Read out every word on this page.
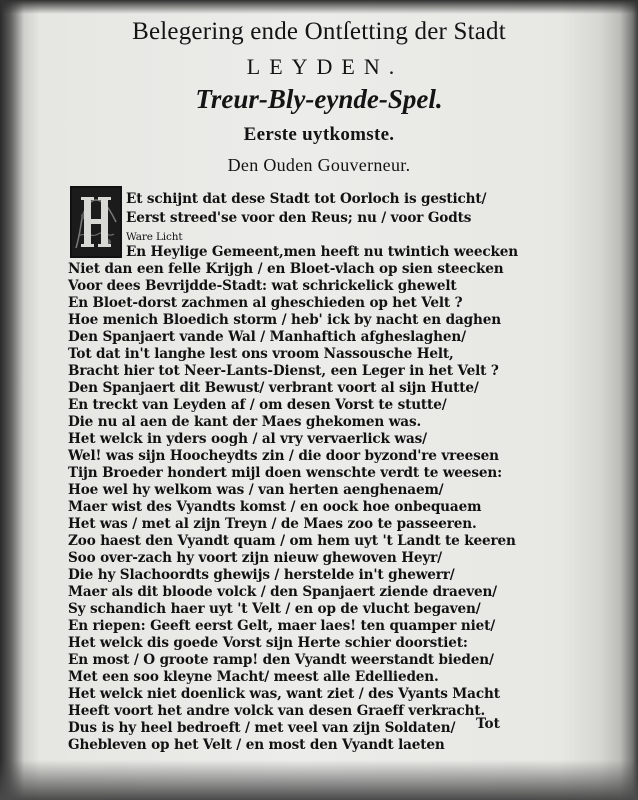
Belegering ende Ontſetting der Stadt
LEYDEN.
Treur-Bly-eynde-Spel.
Eerste uytkomste.
Den Ouden Gouverneur.
Et schijnt dat dese Stadt tot Oorloch is gesticht/
Eerst streed'se voor den Reus; nu / voor Godts
Ware Licht
En Heylige Gemeent,men heeft nu twintich weecken
Niet dan een felle Krijgh / en Bloet-vlach op sien steecken
Voor dees Bevrijdde-Stadt: wat schrickelick ghewelt
En Bloet-dorst zachmen al gheschieden op het Velt ?
Hoe menich Bloedich storm / heb' ick by nacht en daghen
Den Spanjaert vande Wal / Manhaftich afgheslaghen/
Tot dat in't langhe lest ons vroom Nassousche Helt,
Bracht hier tot Neer-Lants-Dienst, een Leger in het Velt ?
Den Spanjaert dit Bewust/ verbrant voort al sijn Hutte/
En treckt van Leyden af / om desen Vorst te stutte/
Die nu al aen de kant der Maes ghekomen was.
Het welck in yders oogh / al vry vervaerlick was/
Wel! was sijn Hoocheydts zin / die door byzond're vreesen
Tijn Broeder hondert mijl doen wenschte verdt te weesen:
Hoe wel hy welkom was / van herten aenghenaem/
Maer wist des Vyandts komst / en oock hoe onbequaem
Het was / met al zijn Treyn / de Maes zoo te passeeren.
Zoo haest den Vyandt quam / om hem uyt 't Landt te keeren
Soo over-zach hy voort zijn nieuw ghewoven Heyr/
Die hy Slachoordts ghewijs / herstelde in't ghewerr/
Maer als dit bloode volck / den Spanjaert ziende draeven/
Sy schandich haer uyt 't Velt / en op de vlucht begaven/
En riepen: Geeft eerst Gelt, maer laes! ten quamper niet/
Het welck dis goede Vorst sijn Herte schier doorstiet:
En most / O groote ramp! den Vyandt weerstandt bieden/
Met een soo kleyne Macht/ meest alle Edellieden.
Het welck niet doenlick was, want ziet / des Vyants Macht
Heeft voort het andre volck van desen Graeff verkracht.
Dus is hy heel bedroeft / met veel van zijn Soldaten/
Ghebleven op het Velt / en most den Vyandt laeten
Tot
